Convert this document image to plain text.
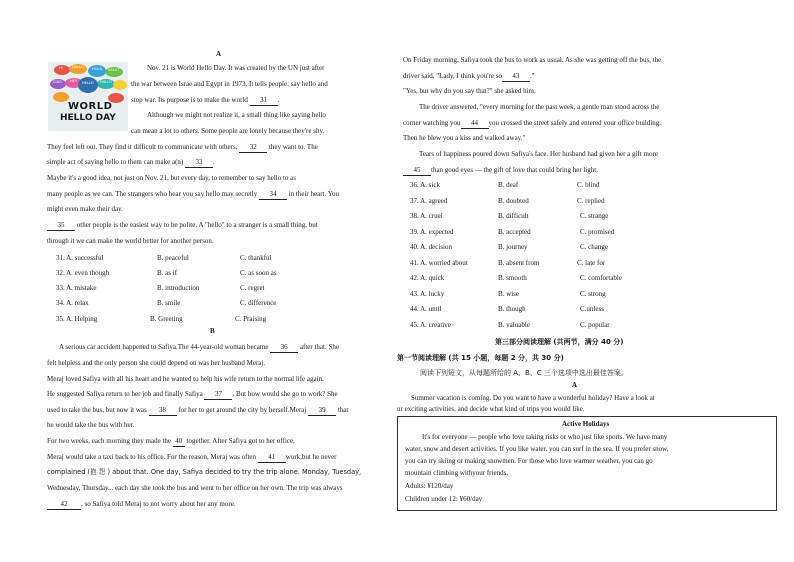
A
WORLD
HELLO DAY
Nov. 21 is World Hello Day. It was created by the UN just after
the war between Israe and Egypt in 1973. It tells people: say hello and
stop war. Its purpose is to make the world 31 .
Although we might not realize it, a small thing like saying hello
can mean a lot to others. Some people are lonely because they're shy.
They feel left out. They find it difficult to communicate with others, 32 they want to. The
simple act of saying hello to them can make a(n) 33 .
Maybe it's a good idea, not just on Nov. 21, but every day, to remember to say hello to as
many people as we can. The strangers who hear you say hello may secretly 34 in their heart. You
might even make their day.
35 other people is the easiest way to be polite. A "hello" to a stranger is a small thing, but
through it we can make the world better for another person.
31. A. successful	B. peaceful	C. thankful
32. A. even though	B. as if	C. as soon as
33. A. mistake	B. introduction	C. regret
34. A. relax	B. smile	C. difference
35. A. Helping	B. Greeting	C. Praising
B
A serious car accident happened to Safiya.The 44-year-old woman became 36 after that. She
felt helpless and the only person she could depend on was her husband Meraj.
Meraj loved Safiya with all his heart and he wanted to help his wife return to the normal life again.
He suggested Safiya return to her job and finally Safiya 37 . But how would she go to work? She
used to take the bus, but now it was 38 for her to get around the city by herself.Meraj 39 that
he would take the bus with her.
For two weeks, each morning they made the 40 together. After Safiya got to her office,
Meraj would take a taxi back to his office. For the reason, Meraj was often 41 work,but he never
complained (抱 怨 ) about that. One day, Safiya decided to try the trip alone. Monday, Tuesday,
Wednesday, Thursday... each day she took the bus and went to her office on her own. The trip was always
42 , so Safiya told Meraj to not worry about her any more.
On Friday morning, Safiya took the bus to work as usual. As she was getting off the bus, the
driver said, "Lady, I think you're so 43 ."
"Yes, but why do you say that?" she asked him.
The driver answered, "every morning for the past week, a gentle man stood across the
corner watching you 44 you crossed the street safely and entered your office building.
Then he blew you a kiss and walked away."
Tears of happiness poured down Safiya's face. Her husband had given her a gift more
45 than good eyes — the gift of love that could bring her light.
36. A. sick	B. deaf	C. blind
37. A. agreed	B. doubted	C. replied
38. A. cruel	B. difficult	C. strange
39. A. expected	B. accepted	C. promised
40. A. decision	B. journey	C. change
41. A. worried about	B. absent from	C. late for
42. A. quick	B. smooth	C. comfortable
43. A. lucky	B. wise	C. strong
44. A. until	B. though	C.unless
45. A. creative	B. valuable	C. popular
第三部分阅读理解 (共两节，满分 40 分)
第一节阅读理解 (共 15 小题，每题 2 分，共 30 分)
阅读下列短文，从每题所给的 A、B、C 三个选项中选出最佳答案。
A
Summer vacation is coming. Do you want to have a wonderful holiday? Have a look at
ur exciting activities, and decide what kind of trips you would like.
Active Holidays
It's for everyone — people who love taking risks or who just like sports. We have many
water, snow and desert activities. If you like water, you can surf in the sea. If you prefer snow,
you can try skiing or making snowmen. For those who love warmer weather, you can go
mountain climbing withyour friends.
Adults: ¥120/day
Children under 12: ¥60/day
HI	HELLO HOLA SALUT
CIAO HEY HELLO HALLO
